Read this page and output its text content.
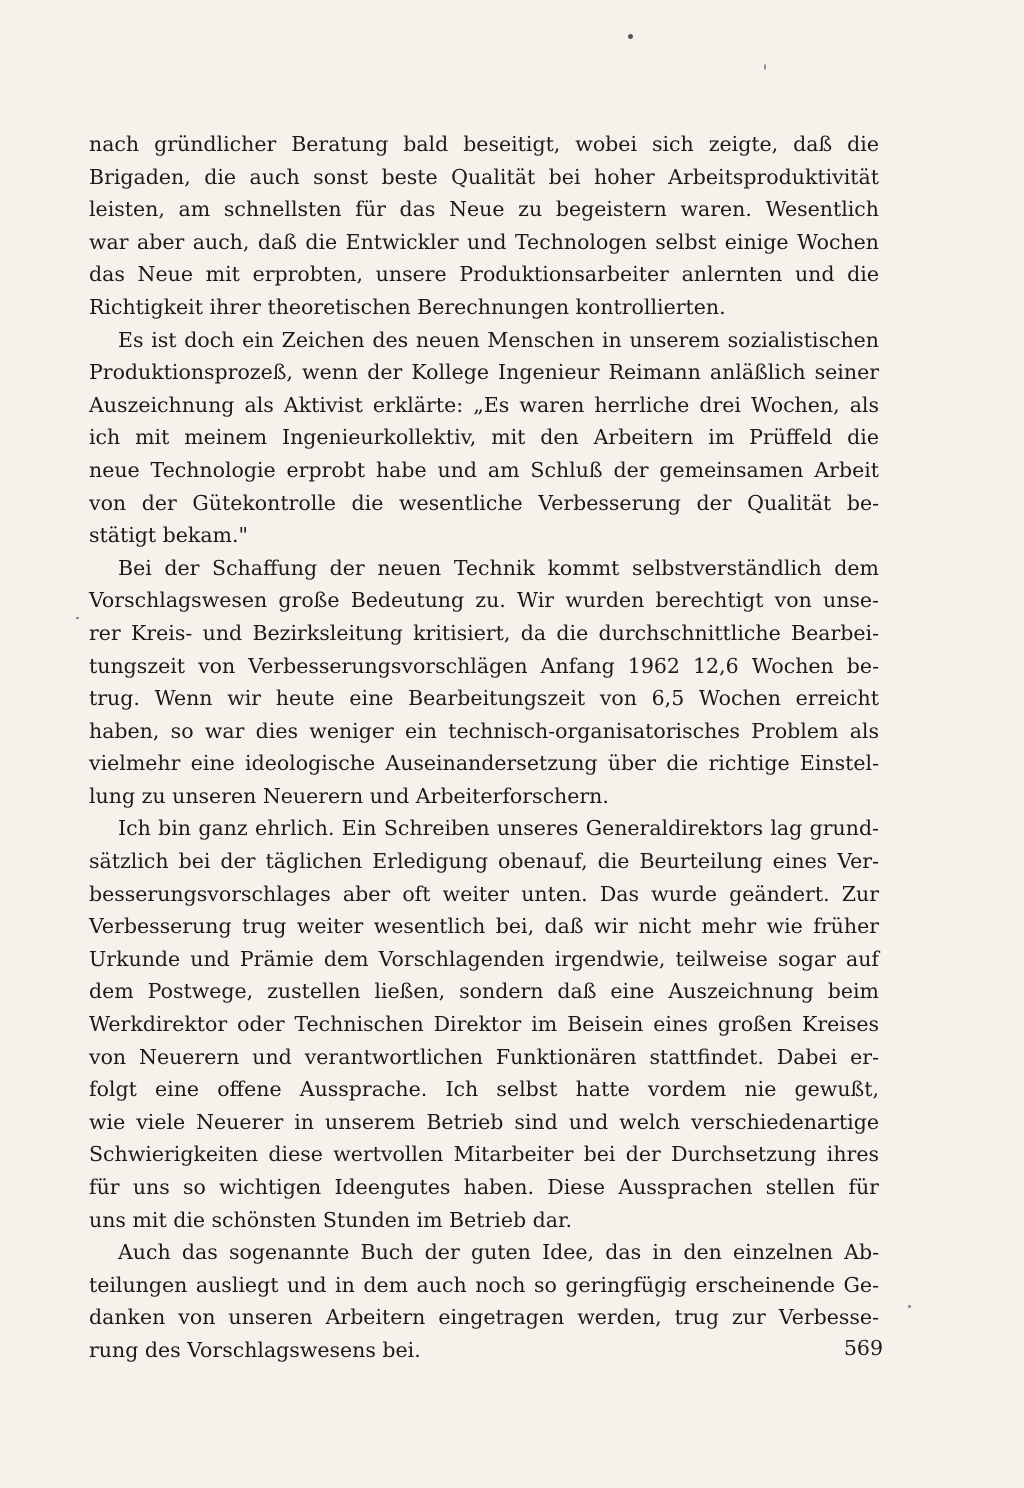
nach gründlicher Beratung bald beseitigt, wobei sich zeigte, daß die
Brigaden, die auch sonst beste Qualität bei hoher Arbeitsproduktivität
leisten, am schnellsten für das Neue zu begeistern waren. Wesentlich
war aber auch, daß die Entwickler und Technologen selbst einige Wochen
das Neue mit erprobten, unsere Produktionsarbeiter anlernten und die
Richtigkeit ihrer theoretischen Berechnungen kontrollierten.
Es ist doch ein Zeichen des neuen Menschen in unserem sozialistischen
Produktionsprozeß, wenn der Kollege Ingenieur Reimann anläßlich seiner
Auszeichnung als Aktivist erklärte: „Es waren herrliche drei Wochen, als
ich mit meinem Ingenieurkollektiv, mit den Arbeitern im Prüffeld die
neue Technologie erprobt habe und am Schluß der gemeinsamen Arbeit
von der Gütekontrolle die wesentliche Verbesserung der Qualität be-
stätigt bekam."
Bei der Schaffung der neuen Technik kommt selbstverständlich dem
Vorschlagswesen große Bedeutung zu. Wir wurden berechtigt von unse-
rer Kreis- und Bezirksleitung kritisiert, da die durchschnittliche Bearbei-
tungszeit von Verbesserungsvorschlägen Anfang 1962 12,6 Wochen be-
trug. Wenn wir heute eine Bearbeitungszeit von 6,5 Wochen erreicht
haben, so war dies weniger ein technisch-organisatorisches Problem als
vielmehr eine ideologische Auseinandersetzung über die richtige Einstel-
lung zu unseren Neuerern und Arbeiterforschern.
Ich bin ganz ehrlich. Ein Schreiben unseres Generaldirektors lag grund-
sätzlich bei der täglichen Erledigung obenauf, die Beurteilung eines Ver-
besserungsvorschlages aber oft weiter unten. Das wurde geändert. Zur
Verbesserung trug weiter wesentlich bei, daß wir nicht mehr wie früher
Urkunde und Prämie dem Vorschlagenden irgendwie, teilweise sogar auf
dem Postwege, zustellen ließen, sondern daß eine Auszeichnung beim
Werkdirektor oder Technischen Direktor im Beisein eines großen Kreises
von Neuerern und verantwortlichen Funktionären stattfindet. Dabei er-
folgt eine offene Aussprache. Ich selbst hatte vordem nie gewußt,
wie viele Neuerer in unserem Betrieb sind und welch verschiedenartige
Schwierigkeiten diese wertvollen Mitarbeiter bei der Durchsetzung ihres
für uns so wichtigen Ideengutes haben. Diese Aussprachen stellen für
uns mit die schönsten Stunden im Betrieb dar.
Auch das sogenannte Buch der guten Idee, das in den einzelnen Ab-
teilungen ausliegt und in dem auch noch so geringfügig erscheinende Ge-
danken von unseren Arbeitern eingetragen werden, trug zur Verbesse-
rung des Vorschlagswesens bei.	569
